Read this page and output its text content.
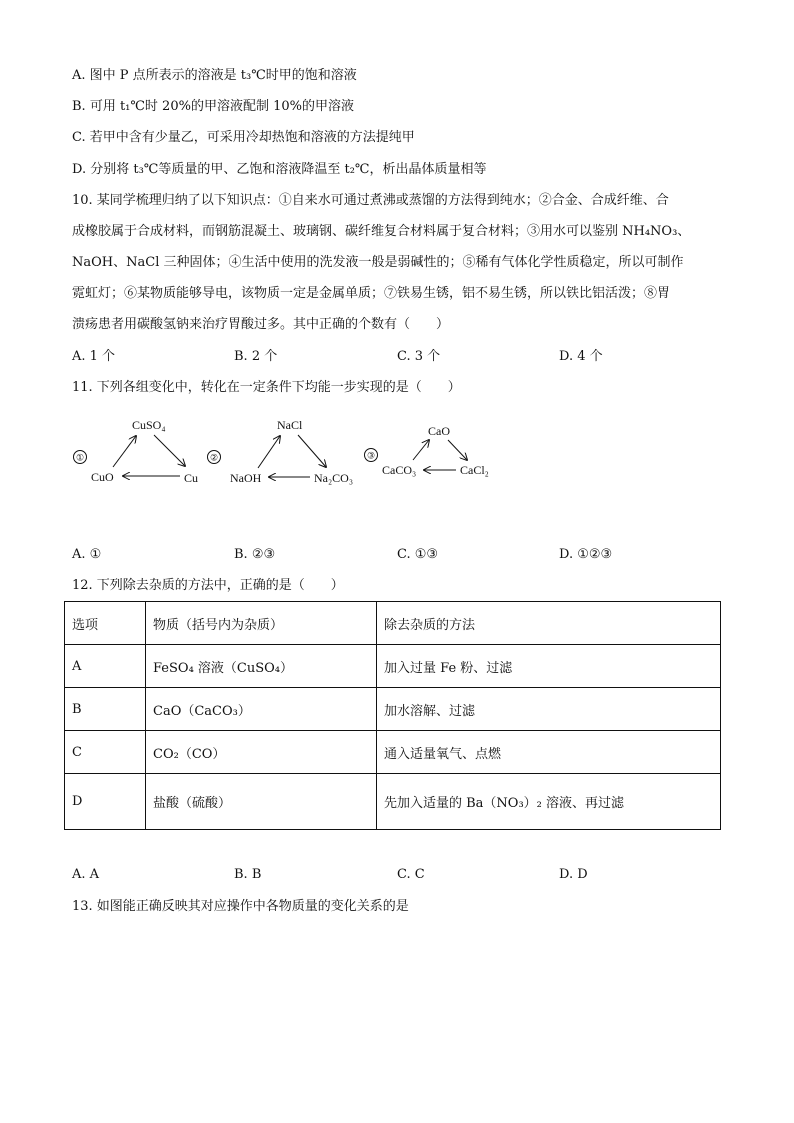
A. 图中 P 点所表示的溶液是 t₃℃时甲的饱和溶液
B. 可用 t₁℃时 20%的甲溶液配制 10%的甲溶液
C. 若甲中含有少量乙，可采用冷却热饱和溶液的方法提纯甲
D. 分别将 t₃℃等质量的甲、乙饱和溶液降温至 t₂℃，析出晶体质量相等
10. 某同学梳理归纳了以下知识点：①自来水可通过煮沸或蒸馏的方法得到纯水；②合金、合成纤维、合
成橡胶属于合成材料，而钢筋混凝土、玻璃钢、碳纤维复合材料属于复合材料；③用水可以鉴别 NH₄NO₃、
NaOH、NaCl 三种固体；④生活中使用的洗发液一般是弱碱性的；⑤稀有气体化学性质稳定，所以可制作
霓虹灯；⑥某物质能够导电，该物质一定是金属单质；⑦铁易生锈，铝不易生锈，所以铁比铝活泼；⑧胃
溃疡患者用碳酸氢钠来治疗胃酸过多。其中正确的个数有（　　）
A. 1 个	B. 2 个	C. 3 个	D. 4 个
11. 下列各组变化中，转化在一定条件下均能一步实现的是（　　）
①
CuSO₄
CuO	Cu
②
NaCl
NaOH	Na₂CO₃
③
CaO
CaCO₃	CaCl₂
A. ①	B. ②③	C. ①③	D. ①②③
12. 下列除去杂质的方法中，正确的是（　　）
选项	物质（括号内为杂质）	除去杂质的方法
A	FeSO₄ 溶液（CuSO₄）	加入过量 Fe 粉、过滤
B	CaO（CaCO₃）	加水溶解、过滤
C	CO₂（CO）	通入适量氧气、点燃
D	盐酸（硫酸）	先加入适量的 Ba（NO₃）₂ 溶液、再过滤
A. A	B. B	C. C	D. D
13. 如图能正确反映其对应操作中各物质量的变化关系的是
